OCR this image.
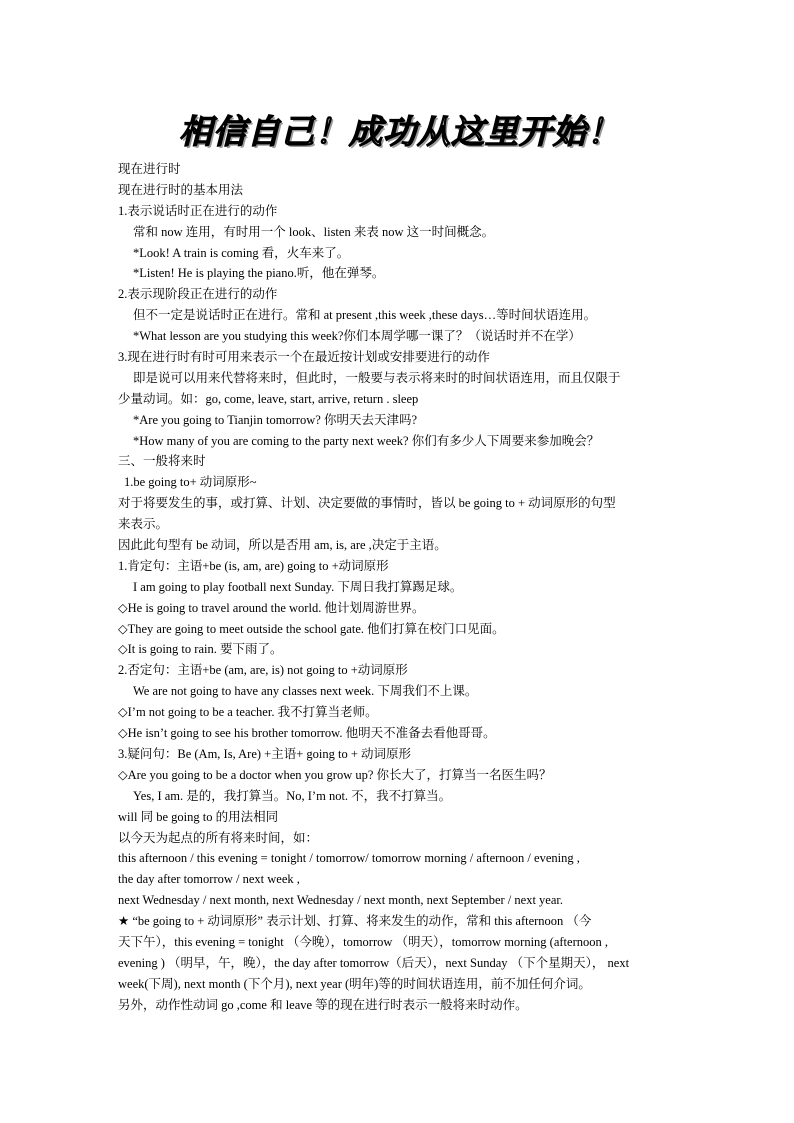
相信自己！成功从这里开始！
现在进行时
现在进行时的基本用法
1.表示说话时正在进行的动作
常和 now 连用，有时用一个 look、listen 来表 now 这一时间概念。
*Look! A train is coming 看，火车来了。
*Listen! He is playing the piano.听，他在弹琴。
2.表示现阶段正在进行的动作
但不一定是说话时正在进行。常和 at present ,this week ,these days…等时间状语连用。
*What lesson are you studying this week?你们本周学哪一课了？（说话时并不在学）
3.现在进行时有时可用来表示一个在最近按计划或安排要进行的动作
即是说可以用来代替将来时，但此时，一般要与表示将来时的时间状语连用，而且仅限于
少量动词。如：go, come, leave, start, arrive, return . sleep
*Are you going to Tianjin tomorrow? 你明天去天津吗?
*How many of you are coming to the party next week? 你们有多少人下周要来参加晚会？
三、一般将来时
1.be going to+ 动词原形~
对于将要发生的事，或打算、计划、决定要做的事情时，皆以 be going to + 动词原形的句型
来表示。
因此此句型有 be 动词，所以是否用 am, is, are ,决定于主语。
1.肯定句：主语+be (is, am, are) going to +动词原形
I am going to play football next Sunday. 下周日我打算踢足球。
◇He is going to travel around the world. 他计划周游世界。
◇They are going to meet outside the school gate. 他们打算在校门口见面。
◇It is going to rain. 要下雨了。
2.否定句：主语+be (am, are, is) not going to +动词原形
We are not going to have any classes next week. 下周我们不上课。
◇I’m not going to be a teacher. 我不打算当老师。
◇He isn’t going to see his brother tomorrow. 他明天不准备去看他哥哥。
3.疑问句：Be (Am, Is, Are) +主语+ going to + 动词原形
◇Are you going to be a doctor when you grow up? 你长大了，打算当一名医生吗？
Yes, I am. 是的，我打算当。No, I’m not. 不，我不打算当。
will 同 be going to 的用法相同
以今天为起点的所有将来时间，如：
this afternoon / this evening = tonight / tomorrow/ tomorrow morning / afternoon / evening ,
the day after tomorrow / next week ,
next Wednesday / next month, next Wednesday / next month, next September / next year.
★ “be going to + 动词原形” 表示计划、打算、将来发生的动作，常和 this afternoon （今
天下午），this evening = tonight （今晚），tomorrow （明天），tomorrow morning (afternoon ,
evening ) （明早，午，晚），the day after tomorrow（后天），next Sunday （下个星期天）， next
week(下周), next month (下个月), next year (明年)等的时间状语连用，前不加任何介词。
另外，动作性动词 go ,come 和 leave 等的现在进行时表示一般将来时动作。
